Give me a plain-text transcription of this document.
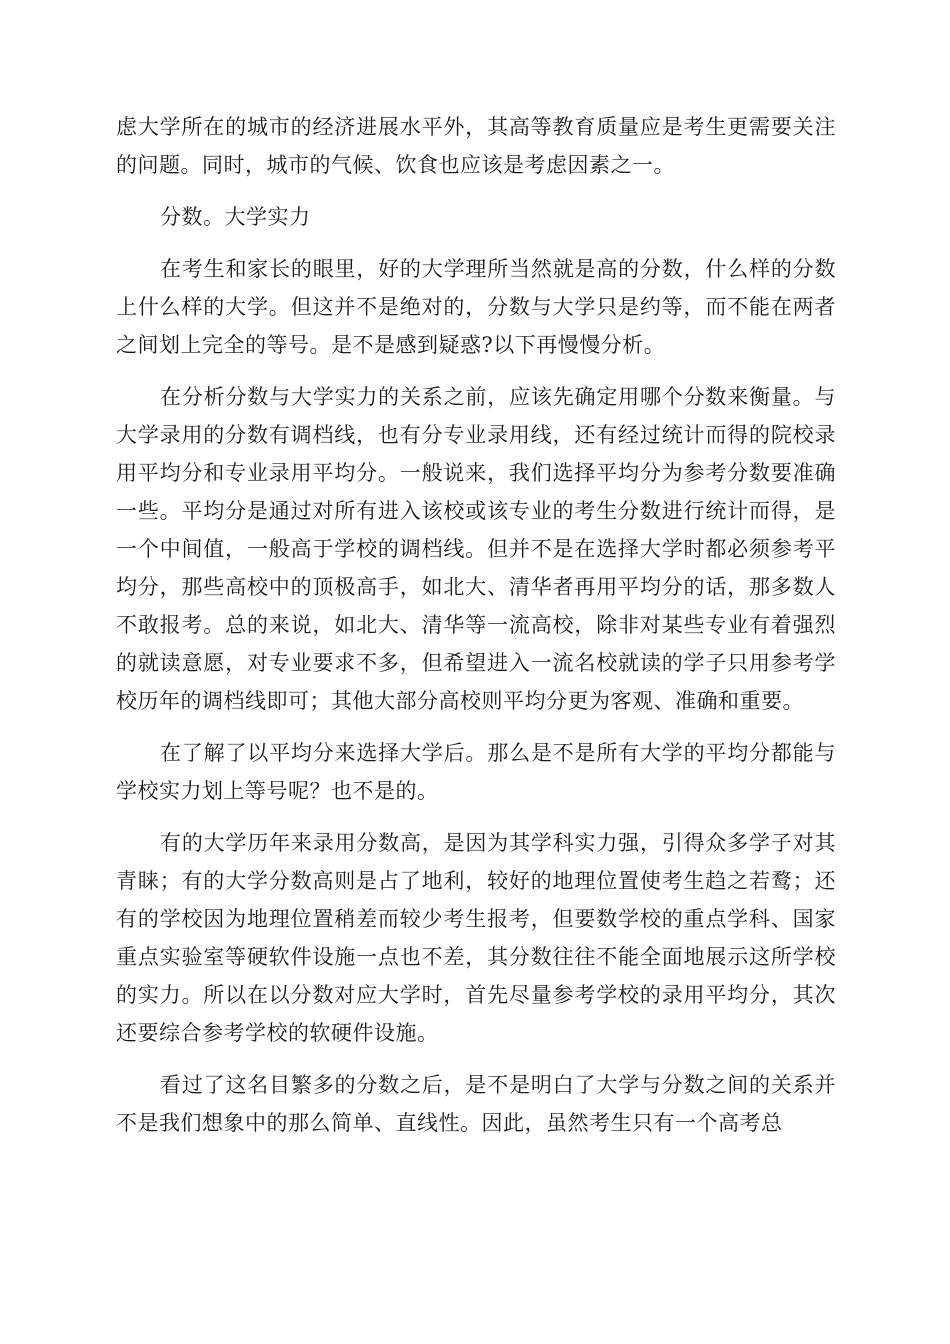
虑大学所在的城市的经济进展水平外，其高等教育质量应是考生更需要关注的问题。同时，城市的气候、饮食也应该是考虑因素之一。

分数。大学实力

在考生和家长的眼里，好的大学理所当然就是高的分数，什么样的分数上什么样的大学。但这并不是绝对的，分数与大学只是约等，而不能在两者之间划上完全的等号。是不是感到疑惑?以下再慢慢分析。

在分析分数与大学实力的关系之前，应该先确定用哪个分数来衡量。与大学录用的分数有调档线，也有分专业录用线，还有经过统计而得的院校录用平均分和专业录用平均分。一般说来，我们选择平均分为参考分数要准确一些。平均分是通过对所有进入该校或该专业的考生分数进行统计而得，是一个中间值，一般高于学校的调档线。但并不是在选择大学时都必须参考平均分，那些高校中的顶极高手，如北大、清华者再用平均分的话，那多数人不敢报考。总的来说，如北大、清华等一流高校，除非对某些专业有着强烈的就读意愿，对专业要求不多，但希望进入一流名校就读的学子只用参考学校历年的调档线即可；其他大部分高校则平均分更为客观、准确和重要。

在了解了以平均分来选择大学后。那么是不是所有大学的平均分都能与学校实力划上等号呢？也不是的。

有的大学历年来录用分数高，是因为其学科实力强，引得众多学子对其青睐；有的大学分数高则是占了地利，较好的地理位置使考生趋之若鹜；还有的学校因为地理位置稍差而较少考生报考，但要数学校的重点学科、国家重点实验室等硬软件设施一点也不差，其分数往往不能全面地展示这所学校的实力。所以在以分数对应大学时，首先尽量参考学校的录用平均分，其次还要综合参考学校的软硬件设施。

看过了这名目繁多的分数之后，是不是明白了大学与分数之间的关系并不是我们想象中的那么简单、直线性。因此，虽然考生只有一个高考总
